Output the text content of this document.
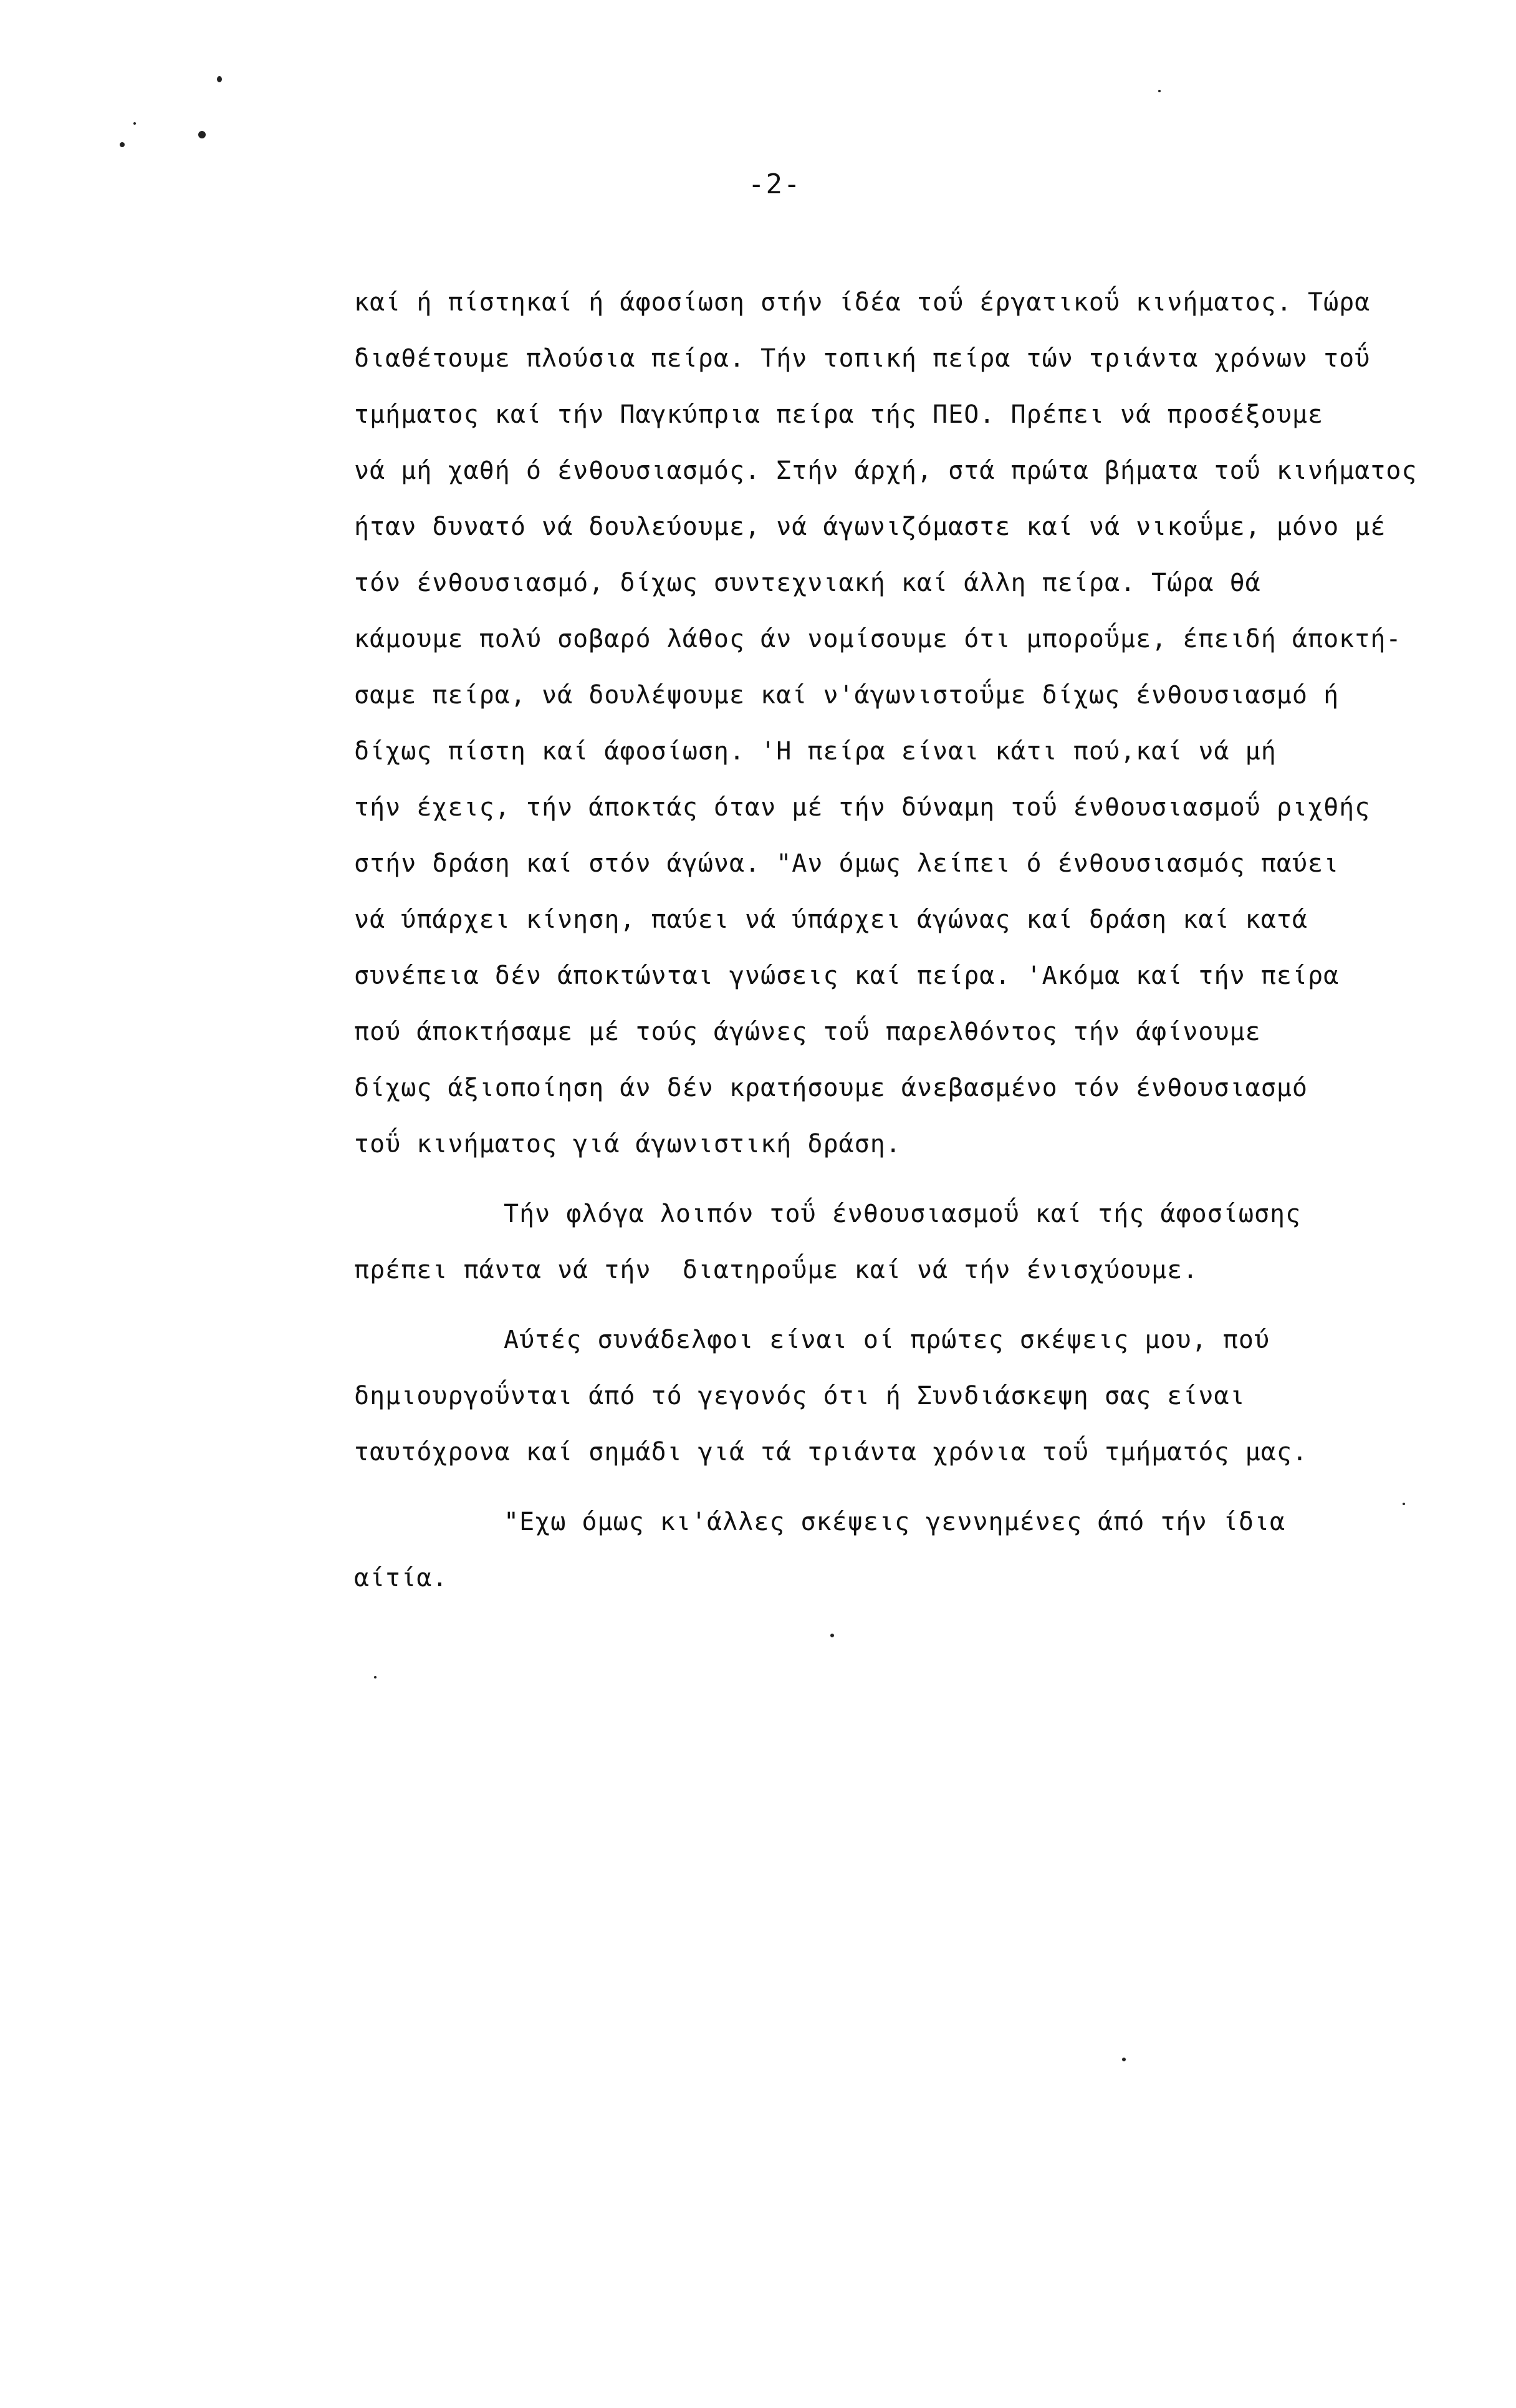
-2-
καί ή πίστηκαί ή άφοσίωση στήν ίδέα τοΰ έργατικοΰ κινήματος. Τώρα
διαθέτουμε πλούσια πείρα. Τήν τοπική πείρα τών τριάντα χρόνων τοΰ
τμήματος καί τήν Παγκύπρια πείρα τής ΠΕΟ. Πρέπει νά προσέξουμε
νά μή χαθή ό ένθουσιασμός. Στήν άρχή, στά πρώτα βήματα τοΰ κινήματος
ήταν δυνατό νά δουλεύουμε, νά άγωνιζόμαστε καί νά νικοΰμε, μόνο μέ
τόν ένθουσιασμό, δίχως συντεχνιακή καί άλλη πείρα. Τώρα θά
κάμουμε πολύ σοβαρό λάθος άν νομίσουμε ότι μποροΰμε, έπειδή άποκτή-
σαμε πείρα, νά δουλέψουμε καί ν'άγωνιστοΰμε δίχως ένθουσιασμό ή
δίχως πίστη καί άφοσίωση. 'Η πείρα είναι κάτι πού,καί νά μή
τήν έχεις, τήν άποκτάς όταν μέ τήν δύναμη τοΰ ένθουσιασμοΰ ριχθής
στήν δράση καί στόν άγώνα. "Αν όμως λείπει ό ένθουσιασμός παύει
νά ύπάρχει κίνηση, παύει νά ύπάρχει άγώνας καί δράση καί κατά
συνέπεια δέν άποκτώνται γνώσεις καί πείρα. 'Ακόμα καί τήν πείρα
πού άποκτήσαμε μέ τούς άγώνες τοΰ παρελθόντος τήν άφίνουμε
δίχως άξιοποίηση άν δέν κρατήσουμε άνεβασμένο τόν ένθουσιασμό
τοΰ κινήματος γιά άγωνιστική δράση.
Τήν φλόγα λοιπόν τοΰ ένθουσιασμοΰ καί τής άφοσίωσης
πρέπει πάντα νά τήν  διατηροΰμε καί νά τήν ένισχύουμε.
Αύτές συνάδελφοι είναι οί πρώτες σκέψεις μου, πού
δημιουργοΰνται άπό τό γεγονός ότι ή Συνδιάσκεψη σας είναι
ταυτόχρονα καί σημάδι γιά τά τριάντα χρόνια τοΰ τμήματός μας.
"Εχω όμως κι'άλλες σκέψεις γεννημένες άπό τήν ίδια
αίτία.
